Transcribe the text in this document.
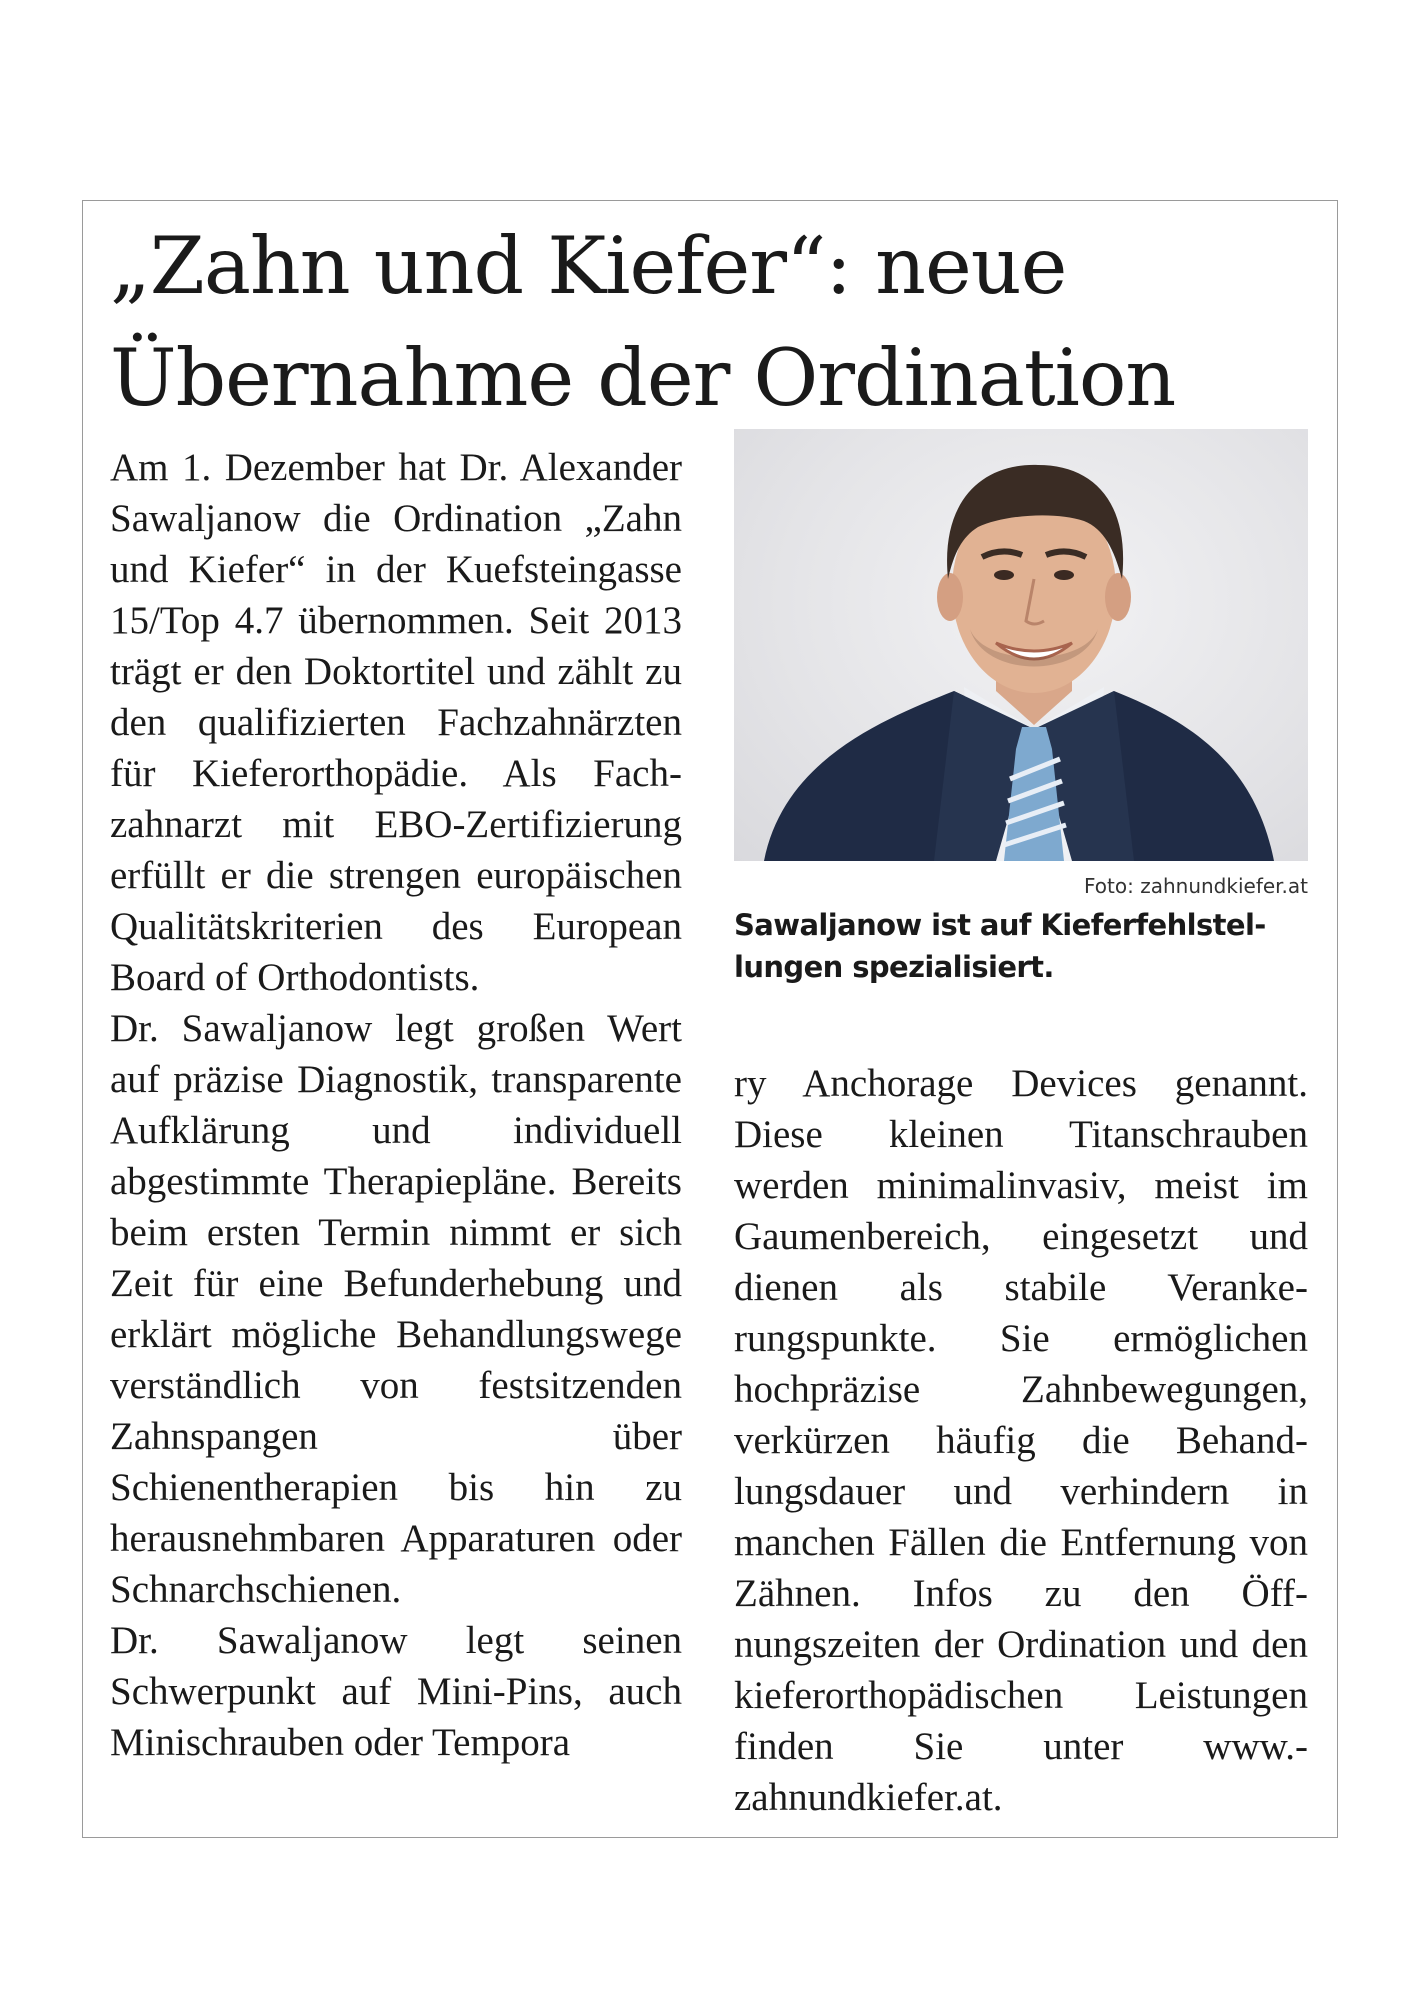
„Zahn und Kiefer“: neue
Übernahme der Ordination

Am 1. Dezember hat Dr. Alexander Sawaljanow die Ordination „Zahn und Kiefer“ in der Kuefsteingasse 15/Top 4.7 übernommen. Seit 2013 trägt er den Doktortitel und zählt zu den qualifizierten Fachzahnärzten für Kieferorthopädie. Als Fachzahnarzt mit EBO-Zertifizierung erfüllt er die strengen europäischen Qualitätskriterien des European Board of Orthodontists.

Dr. Sawaljanow legt großen Wert auf präzise Diagnostik, transparente Aufklärung und individuell abgestimmte Therapiepläne. Bereits beim ersten Termin nimmt er sich Zeit für eine Befunderhebung und erklärt mögliche Behandlungswege verständlich von festsitzenden Zahnspangen über Schienentherapien bis hin zu herausnehmbaren Apparaturen oder Schnarchschienen.

Dr. Sawaljanow legt seinen Schwerpunkt auf Mini-Pins, auch Minischrauben oder Tempora

Foto: zahnundkiefer.at

Sawaljanow ist auf Kieferfehlstel-
lungen spezialisiert.

ry Anchorage Devices genannt. Diese kleinen Titanschrauben werden minimalinvasiv, meist im Gaumenbereich, eingesetzt und dienen als stabile Verankerungspunkte. Sie ermöglichen hochpräzise Zahnbewegungen, verkürzen häufig die Behandlungsdauer und verhindern in manchen Fällen die Entfernung von Zähnen. Infos zu den Öffnungszeiten der Ordination und den kieferorthopädischen Leistungen finden Sie unter www.zahnundkiefer.at.
